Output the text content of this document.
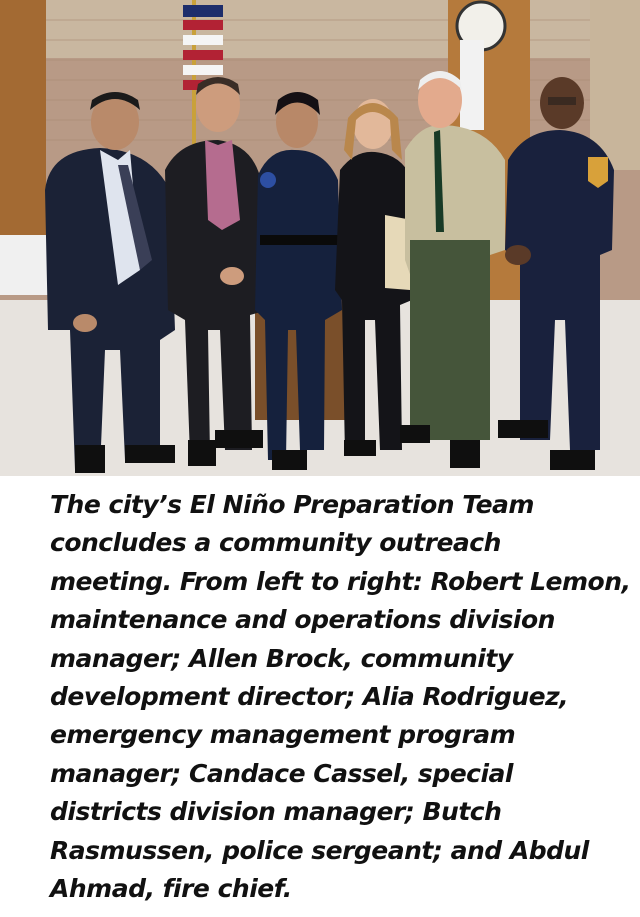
The city’s El Niño Preparation Team
concludes a community outreach
meeting. From left to right: Robert Lemon,
maintenance and operations division
manager; Allen Brock, community
development director; Alia Rodriguez,
emergency management program
manager; Candace Cassel, special
districts division manager; Butch
Rasmussen, police sergeant; and Abdul
Ahmad, fire chief.
